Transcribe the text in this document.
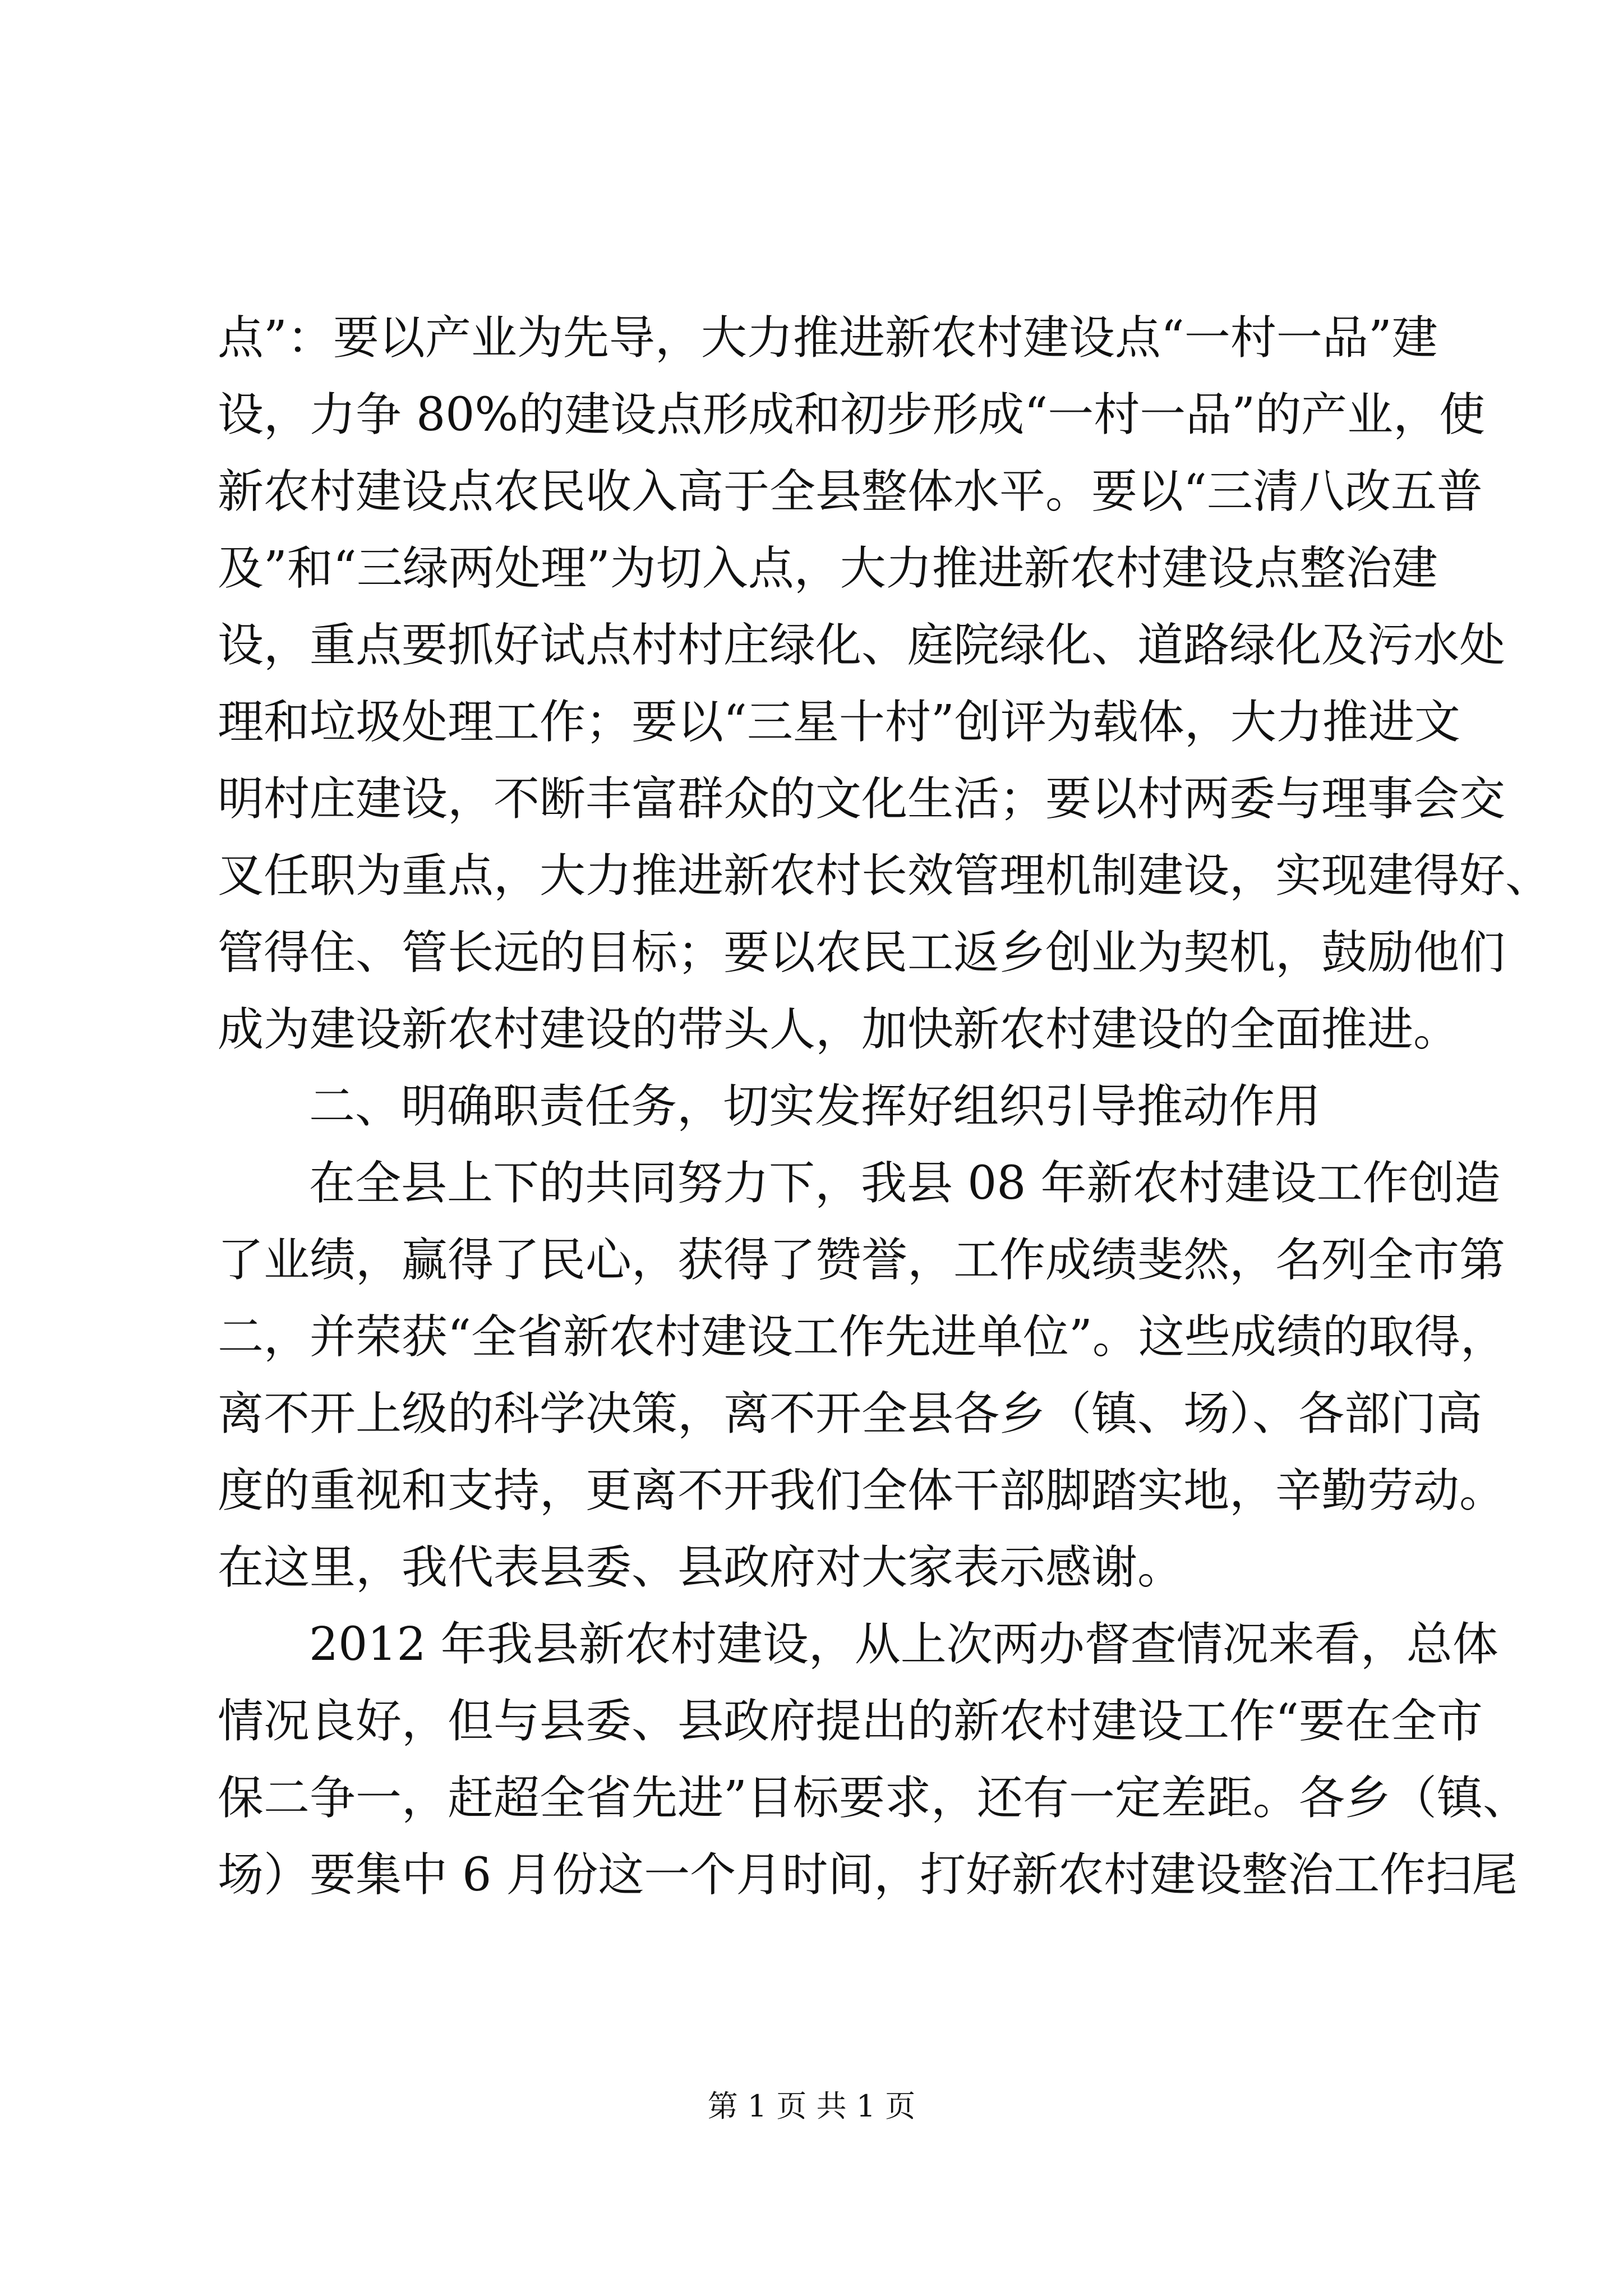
点”：要以产业为先导，大力推进新农村建设点“一村一品”建
设，力争 80%的建设点形成和初步形成“一村一品”的产业，使
新农村建设点农民收入高于全县整体水平。要以“三清八改五普
及”和“三绿两处理”为切入点，大力推进新农村建设点整治建
设，重点要抓好试点村村庄绿化、庭院绿化、道路绿化及污水处
理和垃圾处理工作；要以“三星十村”创评为载体，大力推进文
明村庄建设，不断丰富群众的文化生活；要以村两委与理事会交
叉任职为重点，大力推进新农村长效管理机制建设，实现建得好、
管得住、管长远的目标；要以农民工返乡创业为契机，鼓励他们
成为建设新农村建设的带头人，加快新农村建设的全面推进。
二、明确职责任务，切实发挥好组织引导推动作用
在全县上下的共同努力下，我县 08 年新农村建设工作创造
了业绩，赢得了民心，获得了赞誉，工作成绩斐然，名列全市第
二，并荣获“全省新农村建设工作先进单位”。这些成绩的取得，
离不开上级的科学决策，离不开全县各乡（镇、场）、各部门高
度的重视和支持，更离不开我们全体干部脚踏实地，辛勤劳动。
在这里，我代表县委、县政府对大家表示感谢。
2012 年我县新农村建设，从上次两办督查情况来看，总体
情况良好，但与县委、县政府提出的新农村建设工作“要在全市
保二争一，赶超全省先进”目标要求，还有一定差距。各乡（镇、
场）要集中 6 月份这一个月时间，打好新农村建设整治工作扫尾
第 1 页 共 1 页
